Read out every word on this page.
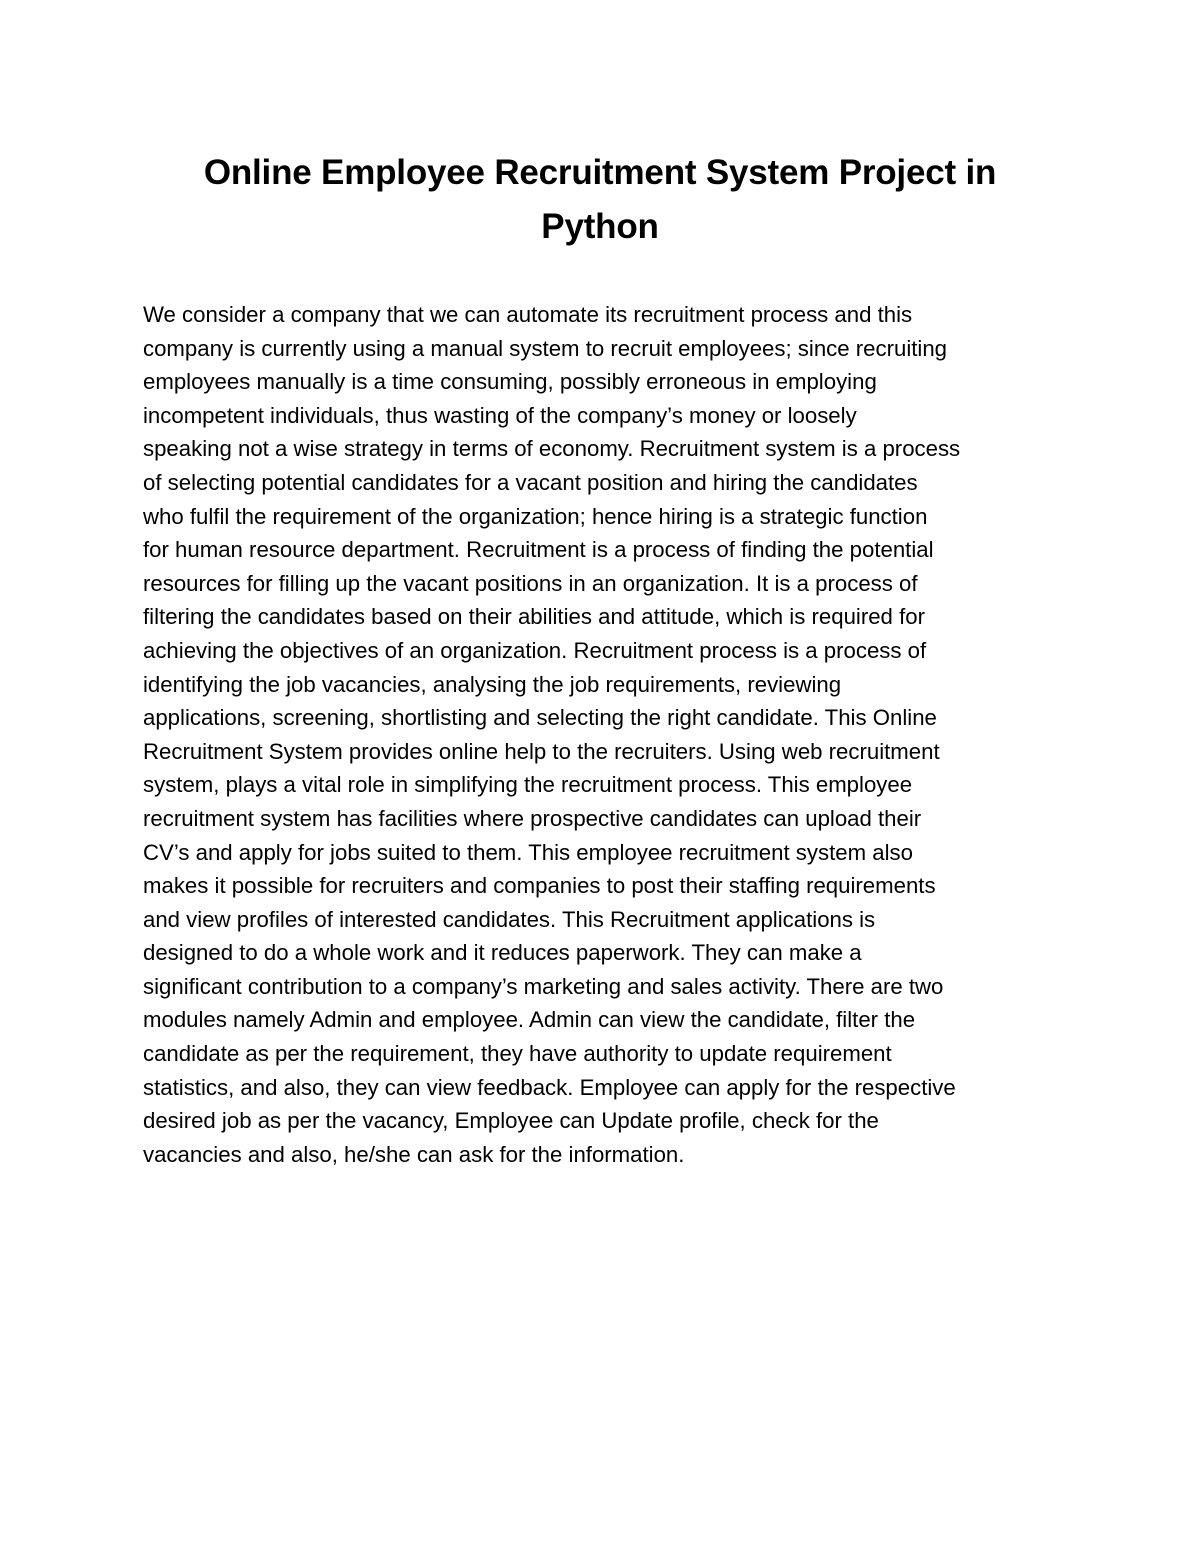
Online Employee Recruitment System Project in
Python
We consider a company that we can automate its recruitment process and this
company is currently using a manual system to recruit employees; since recruiting
employees manually is a time consuming, possibly erroneous in employing
incompetent individuals, thus wasting of the company’s money or loosely
speaking not a wise strategy in terms of economy. Recruitment system is a process
of selecting potential candidates for a vacant position and hiring the candidates
who fulfil the requirement of the organization; hence hiring is a strategic function
for human resource department. Recruitment is a process of finding the potential
resources for filling up the vacant positions in an organization. It is a process of
filtering the candidates based on their abilities and attitude, which is required for
achieving the objectives of an organization. Recruitment process is a process of
identifying the job vacancies, analysing the job requirements, reviewing
applications, screening, shortlisting and selecting the right candidate. This Online
Recruitment System provides online help to the recruiters. Using web recruitment
system, plays a vital role in simplifying the recruitment process. This employee
recruitment system has facilities where prospective candidates can upload their
CV’s and apply for jobs suited to them. This employee recruitment system also
makes it possible for recruiters and companies to post their staffing requirements
and view profiles of interested candidates. This Recruitment applications is
designed to do a whole work and it reduces paperwork. They can make a
significant contribution to a company’s marketing and sales activity. There are two
modules namely Admin and employee. Admin can view the candidate, filter the
candidate as per the requirement, they have authority to update requirement
statistics, and also, they can view feedback. Employee can apply for the respective
desired job as per the vacancy, Employee can Update profile, check for the
vacancies and also, he/she can ask for the information.
